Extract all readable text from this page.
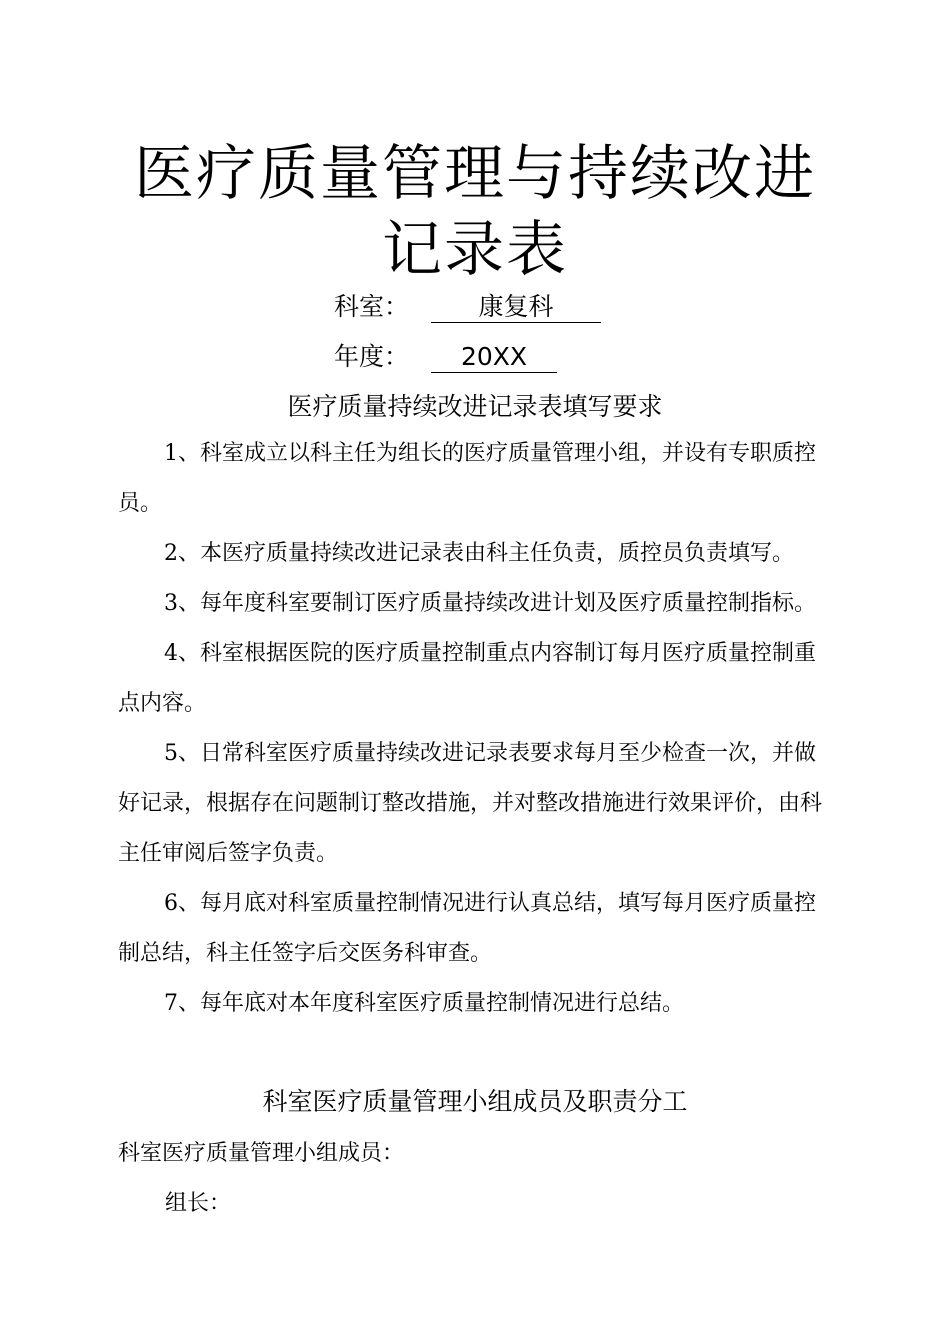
医疗质量管理与持续改进
记录表
科室：	康复科
年度： 20XX
医疗质量持续改进记录表填写要求

1、科室成立以科主任为组长的医疗质量管理小组，并设有专职质控员。

2、本医疗质量持续改进记录表由科主任负责，质控员负责填写。

3、每年度科室要制订医疗质量持续改进计划及医疗质量控制指标。

4、科室根据医院的医疗质量控制重点内容制订每月医疗质量控制重点内容。

5、日常科室医疗质量持续改进记录表要求每月至少检查一次，并做好记录，根据存在问题制订整改措施，并对整改措施进行效果评价，由科主任审阅后签字负责。

6、每月底对科室质量控制情况进行认真总结，填写每月医疗质量控制总结，科主任签字后交医务科审查。

7、每年底对本年度科室医疗质量控制情况进行总结。

科室医疗质量管理小组成员及职责分工
科室医疗质量管理小组成员：
组长：
